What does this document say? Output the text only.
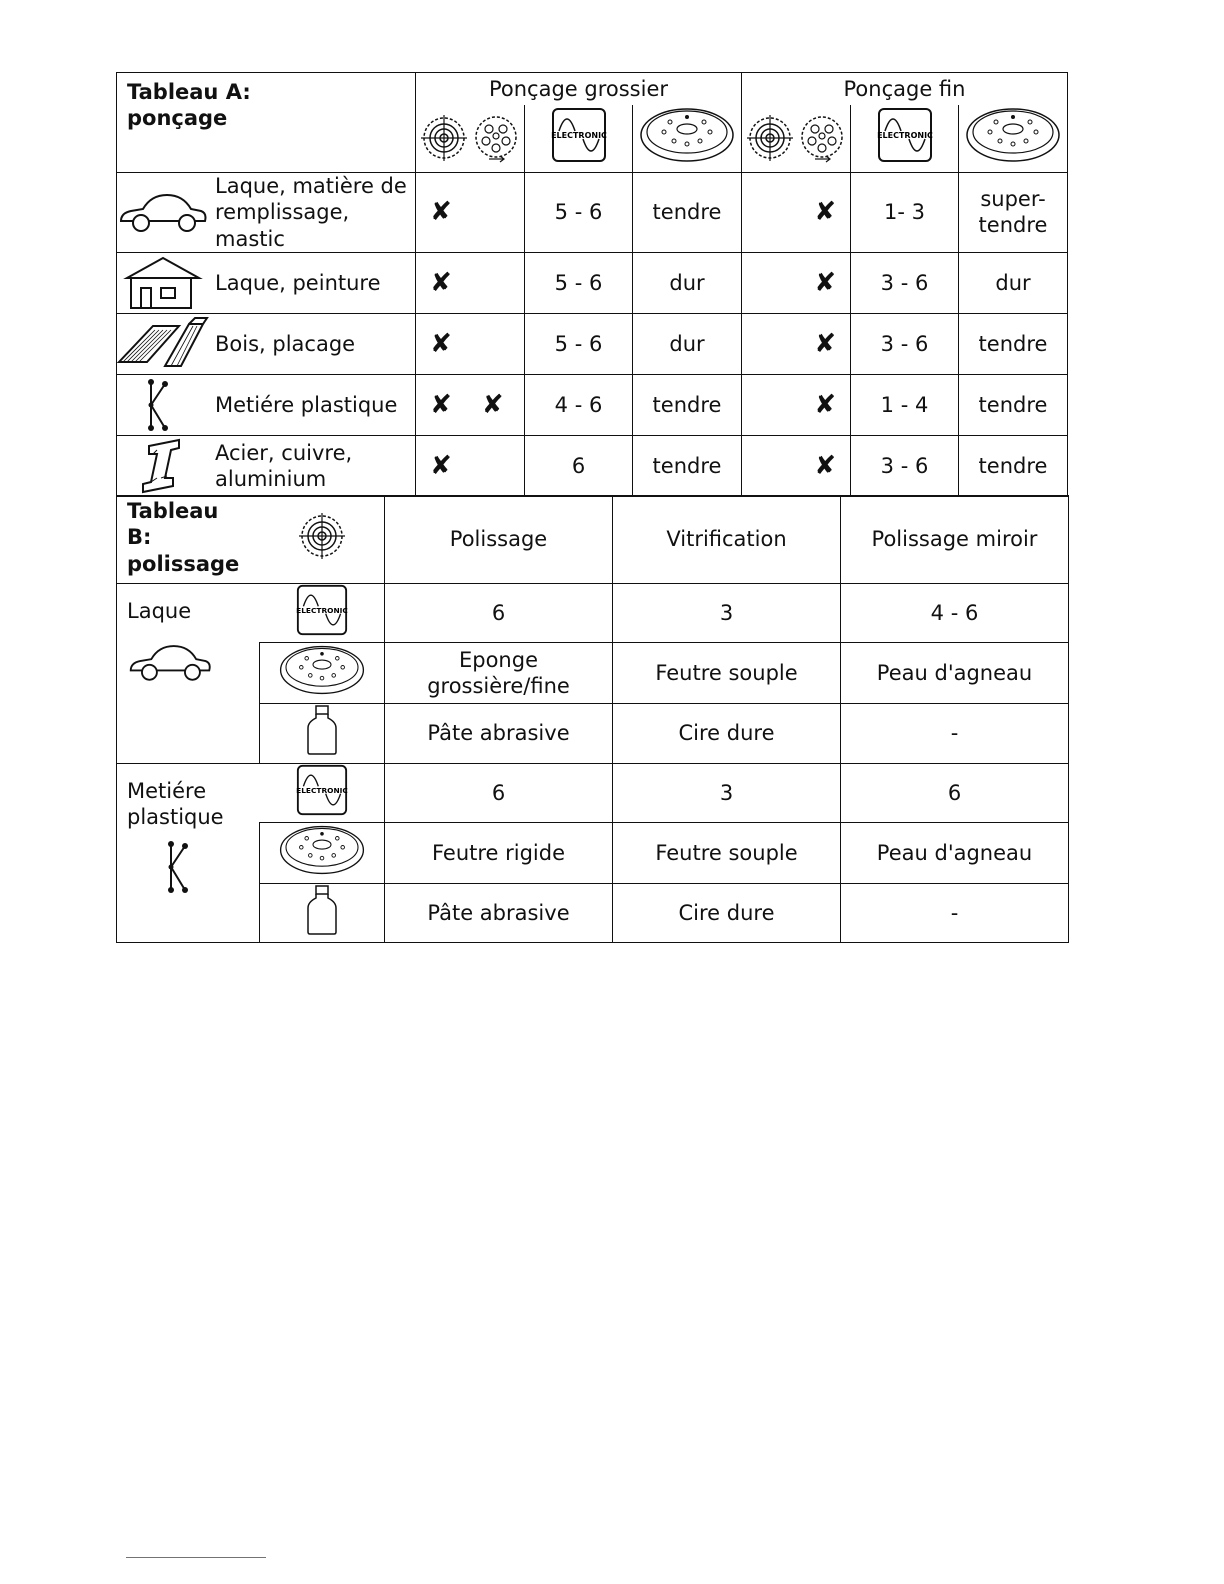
Tableau A:
ponçage	Ponçage grossier			Ponçage fin		

ELECTRONIC			ELECTRONIC

Laque, matière de remplissage, mastic	✘	5 - 6	tendre	✘	1- 3	super-tendre

Laque, peinture	✘	5 - 6	dur	✘	3 - 6	dur

Bois, placage	✘	5 - 6	dur	✘	3 - 6	tendre

Metiére plastique	✘ ✘	4 - 6	tendre	✘	1 - 4	tendre

Acier, cuivre, aluminium	✘	6	tendre	✘	3 - 6	tendre
Tableau B:
polissage		Polissage	Vitrification	Polissage miroir

Laque	ELECTRONIC	6	3	4 - 6
	Eponge grossière/fine	Feutre souple	Peau d'agneau
	Pâte abrasive	Cire dure	-

Metiére plastique	ELECTRONIC	6	3	6
	Feutre rigide	Feutre souple	Peau d'agneau
	Pâte abrasive	Cire dure	-
